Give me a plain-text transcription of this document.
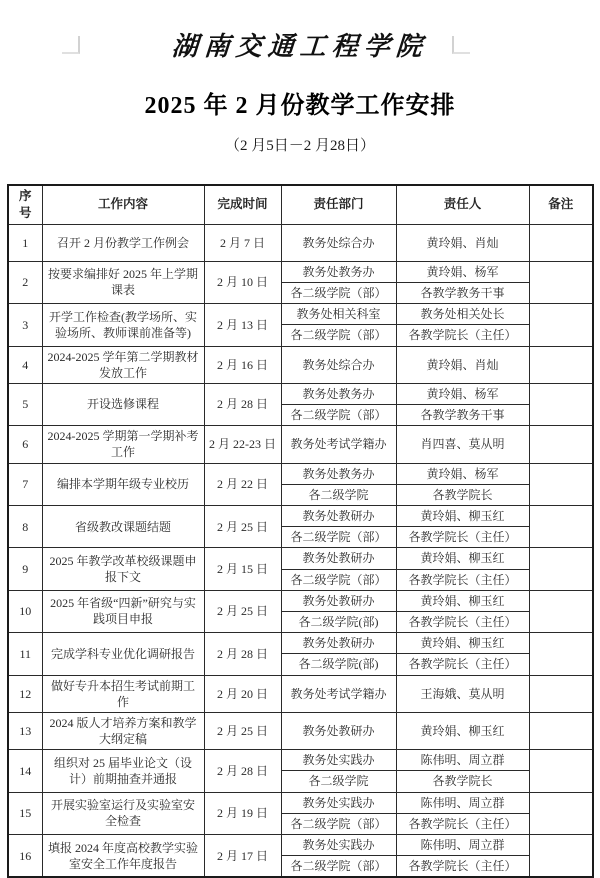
湖南交通工程学院
2025 年 2 月份教学工作安排
（2 月5日－2 月28日）
序号	工作内容	完成时间	责任部门	责任人	备注
1	召开 2 月份教学工作例会	2 月 7 日	教务处综合办	黄玲娟、肖灿	
2	按要求编排好 2025 年上学期课表	2 月 10 日	教务处教务办	黄玲娟、杨军	
			各二级学院（部）	各教学教务干事	
3	开学工作检查(教学场所、实验场所、教师课前准备等)	2 月 13 日	教务处相关科室	教务处相关处长	
			各二级学院（部）	各教学院长（主任）	
4	2024-2025 学年第二学期教材发放工作	2 月 16 日	教务处综合办	黄玲娟、肖灿	
5	开设选修课程	2 月 28 日	教务处教务办	黄玲娟、杨军	
			各二级学院（部）	各教学教务干事	
6	2024-2025 学期第一学期补考工作	2 月 22-23 日	教务处考试学籍办	肖四喜、莫从明	
7	编排本学期年级专业校历	2 月 22 日	教务处教务办	黄玲娟、杨军	
			各二级学院	各教学院长	
8	省级教改课题结题	2 月 25 日	教务处教研办	黄玲娟、柳玉红	
			各二级学院（部）	各教学院长（主任）	
9	2025 年教学改革校级课题申报下文	2 月 15 日	教务处教研办	黄玲娟、柳玉红	
			各二级学院（部）	各教学院长（主任）	
10	2025 年省级“四新”研究与实践项目申报	2 月 25 日	教务处教研办	黄玲娟、柳玉红	
			各二级学院(部)	各教学院长（主任）	
11	完成学科专业优化调研报告	2 月 28 日	教务处教研办	黄玲娟、柳玉红	
			各二级学院(部)	各教学院长（主任）	
12	做好专升本招生考试前期工作	2 月 20 日	教务处考试学籍办	王海娥、莫从明	
13	2024 版人才培养方案和教学大纲定稿	2 月 25 日	教务处教研办	黄玲娟、柳玉红	
14	组织对 25 届毕业论文（设计）前期抽查并通报	2 月 28 日	教务处实践办	陈伟明、周立群	
			各二级学院	各教学院长	
15	开展实验室运行及实验室安全检查	2 月 19 日	教务处实践办	陈伟明、周立群	
			各二级学院（部）	各教学院长（主任）	
16	填报 2024 年度高校教学实验室安全工作年度报告	2 月 17 日	教务处实践办	陈伟明、周立群	
			各二级学院（部）	各教学院长（主任）	
